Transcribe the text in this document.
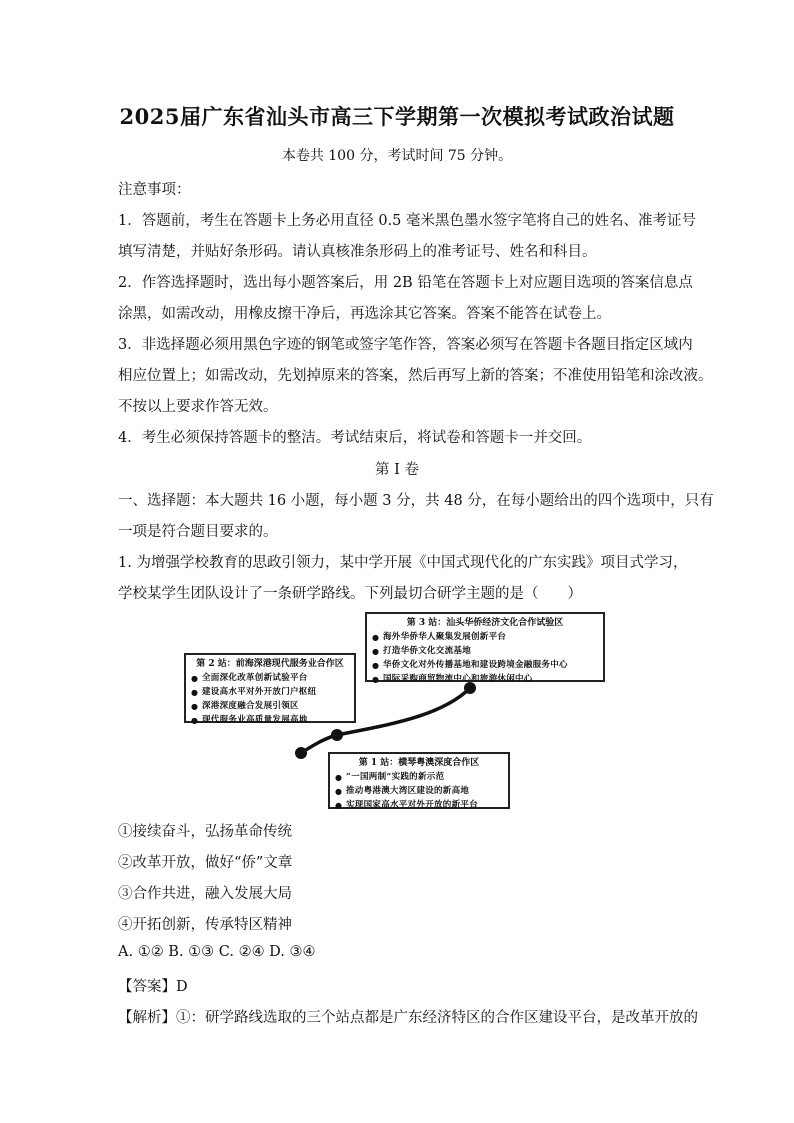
2025届广东省汕头市高三下学期第一次模拟考试政治试题
本卷共 100 分，考试时间 75 分钟。
注意事项：
1．答题前，考生在答题卡上务必用直径 0.5 毫米黑色墨水签字笔将自己的姓名、准考证号
填写清楚，并贴好条形码。请认真核准条形码上的准考证号、姓名和科目。
2．作答选择题时，选出每小题答案后，用 2B 铅笔在答题卡上对应题目选项的答案信息点
涂黑，如需改动，用橡皮擦干净后，再选涂其它答案。答案不能答在试卷上。
3．非选择题必须用黑色字迹的钢笔或签字笔作答，答案必须写在答题卡各题目指定区域内
相应位置上；如需改动，先划掉原来的答案，然后再写上新的答案；不准使用铅笔和涂改液。
不按以上要求作答无效。
4．考生必须保持答题卡的整洁。考试结束后，将试卷和答题卡一并交回。
第 I 卷
一、选择题：本大题共 16 小题，每小题 3 分，共 48 分，在每小题给出的四个选项中，只有
一项是符合题目要求的。
1. 为增强学校教育的思政引领力，某中学开展《中国式现代化的广东实践》项目式学习，
学校某学生团队设计了一条研学路线。下列最切合研学主题的是（　　）
第 3 站：汕头华侨经济文化合作试验区
● 海外华侨华人聚集发展创新平台
● 打造华侨文化交流基地
● 华侨文化对外传播基地和建设跨境金融服务中心
● 国际采购商贸物流中心和旅游休闲中心
第 2 站：前海深港现代服务业合作区
● 全面深化改革创新试验平台
● 建设高水平对外开放门户枢纽
● 深港深度融合发展引领区
● 现代服务业高质量发展高地
第 1 站：横琴粤澳深度合作区
● “一国两制”实践的新示范
● 推动粤港澳大湾区建设的新高地
● 实现国家高水平对外开放的新平台
①接续奋斗，弘扬革命传统
②改革开放，做好“侨”文章
③合作共进，融入发展大局
④开拓创新，传承特区精神
A. ①② B. ①③ C. ②④ D. ③④
【答案】D
【解析】①：研学路线选取的三个站点都是广东经济特区的合作区建设平台，是改革开放的
